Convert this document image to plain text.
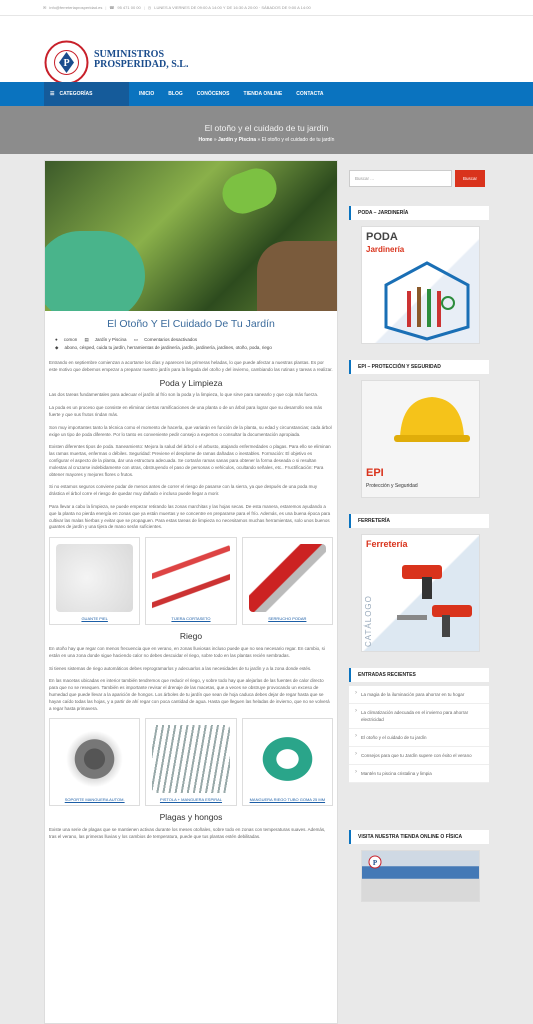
✉ info@ferreteriaprosperidad.es | ☎ 95 471 00 00 | ◷ LUNES A VIERNES DE 09:00 A 14:00 Y DE 16:30 A 20:00 · SÁBADOS DE 9:00 A 14:00
P
SUMINISTROS
PROSPERIDAD, S.L.
☰ CATEGORÍAS	INICIO	BLOG	CONÓCENOS	TIENDA ONLINE	CONTACTA
El otoño y el cuidado de tu jardín
Home » Jardín y Piscina » El otoño y el cuidado de tu jardín
El Otoño Y El Cuidado De Tu Jardín
● comon ▤ Jardín y Piscina ▭ Comentarios desactivados
◆ abono, césped, cuida tu jardín, herramientas de jardinería, jardín, jardinería, jardines, otoño, poda, riego

Entrando en septiembre comienzan a acortarse los días y aparecen las primeras heladas, lo que puede afectar a nuestras plantas. Es por este motivo que debemos empezar a preparar nuestro jardín para la llegada del otoño y del invierno, cambiando las rutinas y tareas a realizar.

Poda y Limpieza

Las dos tareas fundamentales para adecuar el jardín al frío son la poda y la limpieza, lo que sirve para sanearlo y que coja más fuerza.

La poda es un proceso que consiste en eliminar ciertas ramificaciones de una planta o de un árbol para lograr que su desarrollo sea más fuerte y que sus frutos rindan más.

Son muy importantes tanto la técnica como el momento de hacerla, que variarán en función de la planta, su edad y circunstancias; cada árbol exige un tipo de poda diferente. Por lo tanto es conveniente pedir consejo a expertos o consultar la documentación apropiada.

Existen diferentes tipos de poda. Saneamiento: Mejora la salud del árbol o el arbusto, atajando enfermedades o plagas. Para ello se eliminan las ramas muertas, enfermas o débiles. Seguridad: Previene el desplome de ramas dañadas o inestables. Formación: El objetivo es configurar el aspecto de la planta, dar una estructura adecuada. Se cortarán ramas sanas para obtener la forma deseada o si resultan molestas al cruzarse indebidamente con otras, obstruyendo el paso de personas o vehículos, ocultando señales, etc.. Fructificación: Para obtener mayores y mejores flores o frutos.

Si no estamos seguros conviene podar de menos antes de correr el riesgo de pasarse con la sierra, ya que después de una poda muy drástica el árbol corre el riesgo de quedar muy dañado e incluso puede llegar a morir.

Para llevar a cabo la limpieza, se puede empezar retirando las zonas marchitas y las hojas secas. De esta manera, estaremos ayudando a que la planta no pierda energía en zonas que ya están muertas y se concentre en prepararse para el frío. Además, es una buena época para cultivar las malas hierbas y evitar que se propaguen. Para estas tareas de limpieza no necesitamos muchas herramientas, solo unos buenos guantes de jardín y una tijera de mano serán suficientes.

GUANTE PIEL	TIJERA CORTASETO	SERRUCHO PODAR
Riego

En otoño hay que regar con menos frecuencia que en verano, en zonas lluviosas incluso puede que no sea necesario regar. En cambio, si están en una zona donde sigue haciendo calor no debes descuidar el riego, sobre todo en las plantas recién sembradas.

Si tienes sistemas de riego automáticos debes reprogramarlos y adecuarlos a las necesidades de tu jardín y a la zona donde estés.

En las macetas ubicadas en interior también tendremos que reducir el riego, y sobre todo hay que alejarlas de las fuentes de calor directo para que no se resequen. También es importante revisar el drenaje de las macetas, que a veces se obstruye provocando un exceso de humedad que puede llevar a la aparición de hongos. Los árboles de tu jardín que sean de hoja caduca debes dejar de regar hasta que se hayan caído todas las hojas, y a partir de ahí regar con poca cantidad de agua. Hasta que lleguen las heladas de invierno, que no se volverá a regar hasta primavera.

SOPORTE MANGUERA AUTOM.	PISTOLA + MANGUERA ESPIRAL	MANGUERA RIEGO TUBO GOMA 25 MM
Plagas y hongos

Existe una serie de plagas que se mantienen activas durante los meses otoñales, sobre todo en zonas con temperaturas suaves. Además, tras el verano, las primeras lluvias y los cambios de temperatura, puede que tus plantas estén debilitadas.

Buscar ...	Buscar
PODA – JARDINERÍA
PODA
Jardinería
EPI – PROTECCIÓN Y SEGURIDAD
EPI
Protección y Seguridad
FERRETERÍA
Ferretería
CATÁLOGO
ENTRADAS RECIENTES
› La magia de la iluminación para ahorrar en tu hogar
› La climatización adecuada en el invierno para ahorrar electricidad
› El otoño y el cuidado de tu jardín
› Consejos para que tu Jardín supere con éxito el verano
› Mantén tu piscina cristalina y limpia
VISITA NUESTRA TIENDA ONLINE O FÍSICA
P
